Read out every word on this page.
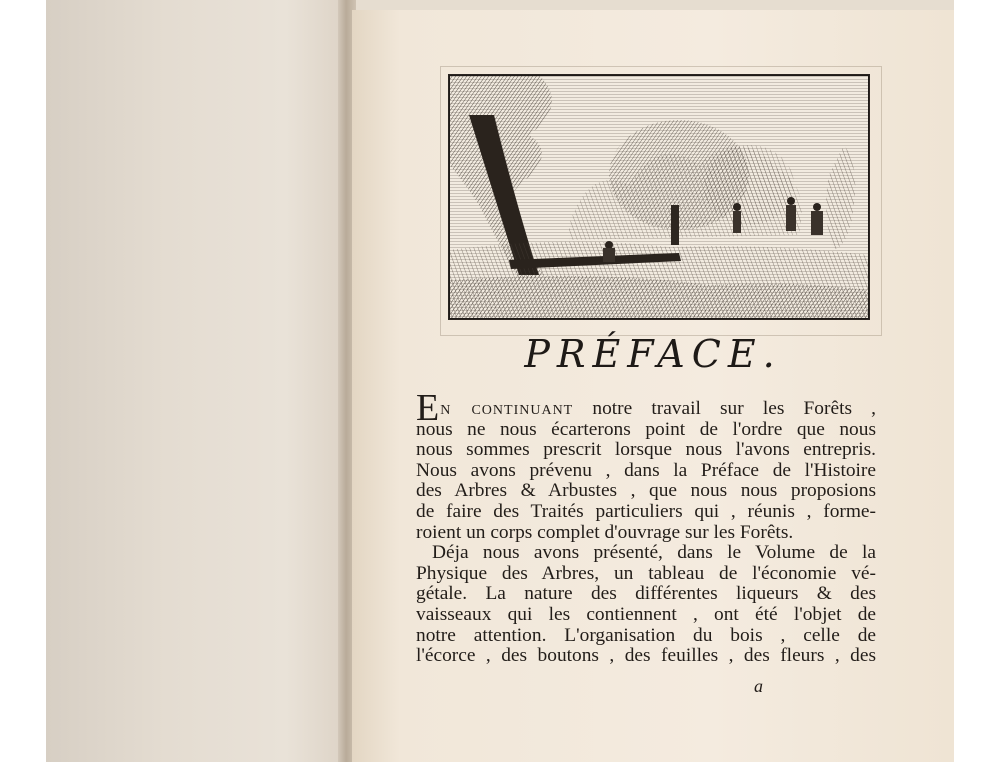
PRÉFACE.
En continuant notre travail sur les Forêts ,
nous ne nous écarterons point de l'ordre que nous
nous sommes prescrit lorsque nous l'avons entrepris.
Nous avons prévenu , dans la Préface de l'Histoire
des Arbres & Arbustes , que nous nous proposions
de faire des Traités particuliers qui , réunis , forme-
roient un corps complet d'ouvrage sur les Forêts.
Déja nous avons présenté, dans le Volume de la
Physique des Arbres, un tableau de l'économie vé-
gétale. La nature des différentes liqueurs & des
vaisseaux qui les contiennent , ont été l'objet de
notre attention. L'organisation du bois , celle de
l'écorce , des boutons , des feuilles , des fleurs , des
a
